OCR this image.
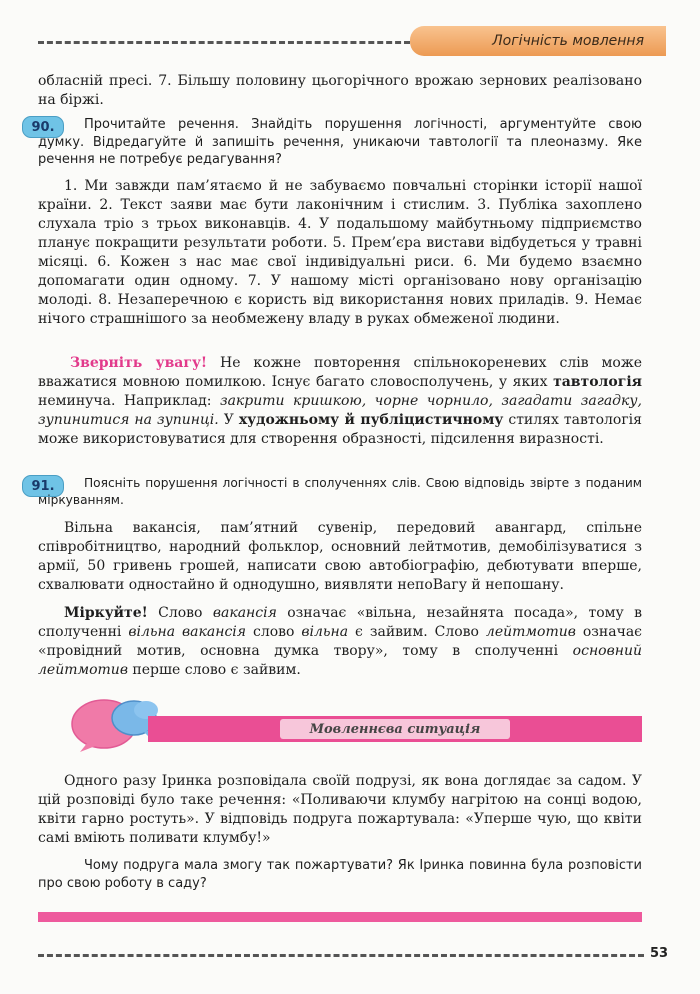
Логічність мовлення

обласній пресі. 7. Більшу половину цьогорічного врожаю зернових реалізовано на біржі.

90.	Прочитайте речення. Знайдіть порушення логічності, аргументуйте свою думку. Відредагуйте й запишіть речення, уникаючи тавтології та плеоназму. Яке речення не потребує редагування?

1. Ми завжди пам’ятаємо й не забуваємо повчальні сторінки історії нашої країни. 2. Текст заяви має бути лаконічним і стислим. 3. Публіка захоплено слухала тріо з трьох виконавців. 4. У подальшому майбутньому підприємство планує покращити результати роботи. 5. Прем’єра вистави відбудеться у травні місяці. 6. Кожен з нас має свої індивідуальні риси. 6. Ми будемо взаємно допомагати один одному. 7. У нашому місті організовано нову організацію молоді. 8. Незаперечною є користь від використання нових приладів. 9. Немає нічого страшнішого за необмежену владу в руках обмеженої людини.

Зверніть увагу! Не кожне повторення спільнокореневих слів може вважатися мовною помилкою. Існує багато словосполучень, у яких тавтологія неминуча. Наприклад: закрити кришкою, чорне чорнило, загадати загадку, зупинитися на зупинці. У художньому й публіцистичному стилях тавтологія може використовуватися для створення образності, підсилення виразності.

91.	Поясніть порушення логічності в сполученнях слів. Свою відповідь звірте з поданим міркуванням.

Вільна вакансія, пам’ятний сувенір, передовий авангард, спільне співробітництво, народний фольклор, основний лейтмотив, демобілізуватися з армії, 50 гривень грошей, написати свою автобіографію, дебютувати вперше, схвалювати одностайно й однодушно, виявляти непоВагу й непошану.

Міркуйте! Слово вакансія означає «вільна, незайнята посада», тому в сполученні вільна вакансія слово вільна є зайвим. Слово лейтмотив означає «провідний мотив, основна думка твору», тому в сполученні основний лейтмотив перше слово є зайвим.

Мовленнєва ситуація

Одного разу Іринка розповідала своїй подрузі, як вона доглядає за садом. У цій розповіді було таке речення: «Поливаючи клумбу нагрітою на сонці водою, квіти гарно ростуть». У відповідь подруга пожартувала: «Уперше чую, що квіти самі вміють поливати клумбу!»

Чому подруга мала змогу так пожартувати? Як Іринка повинна була розповісти про свою роботу в саду?

53
